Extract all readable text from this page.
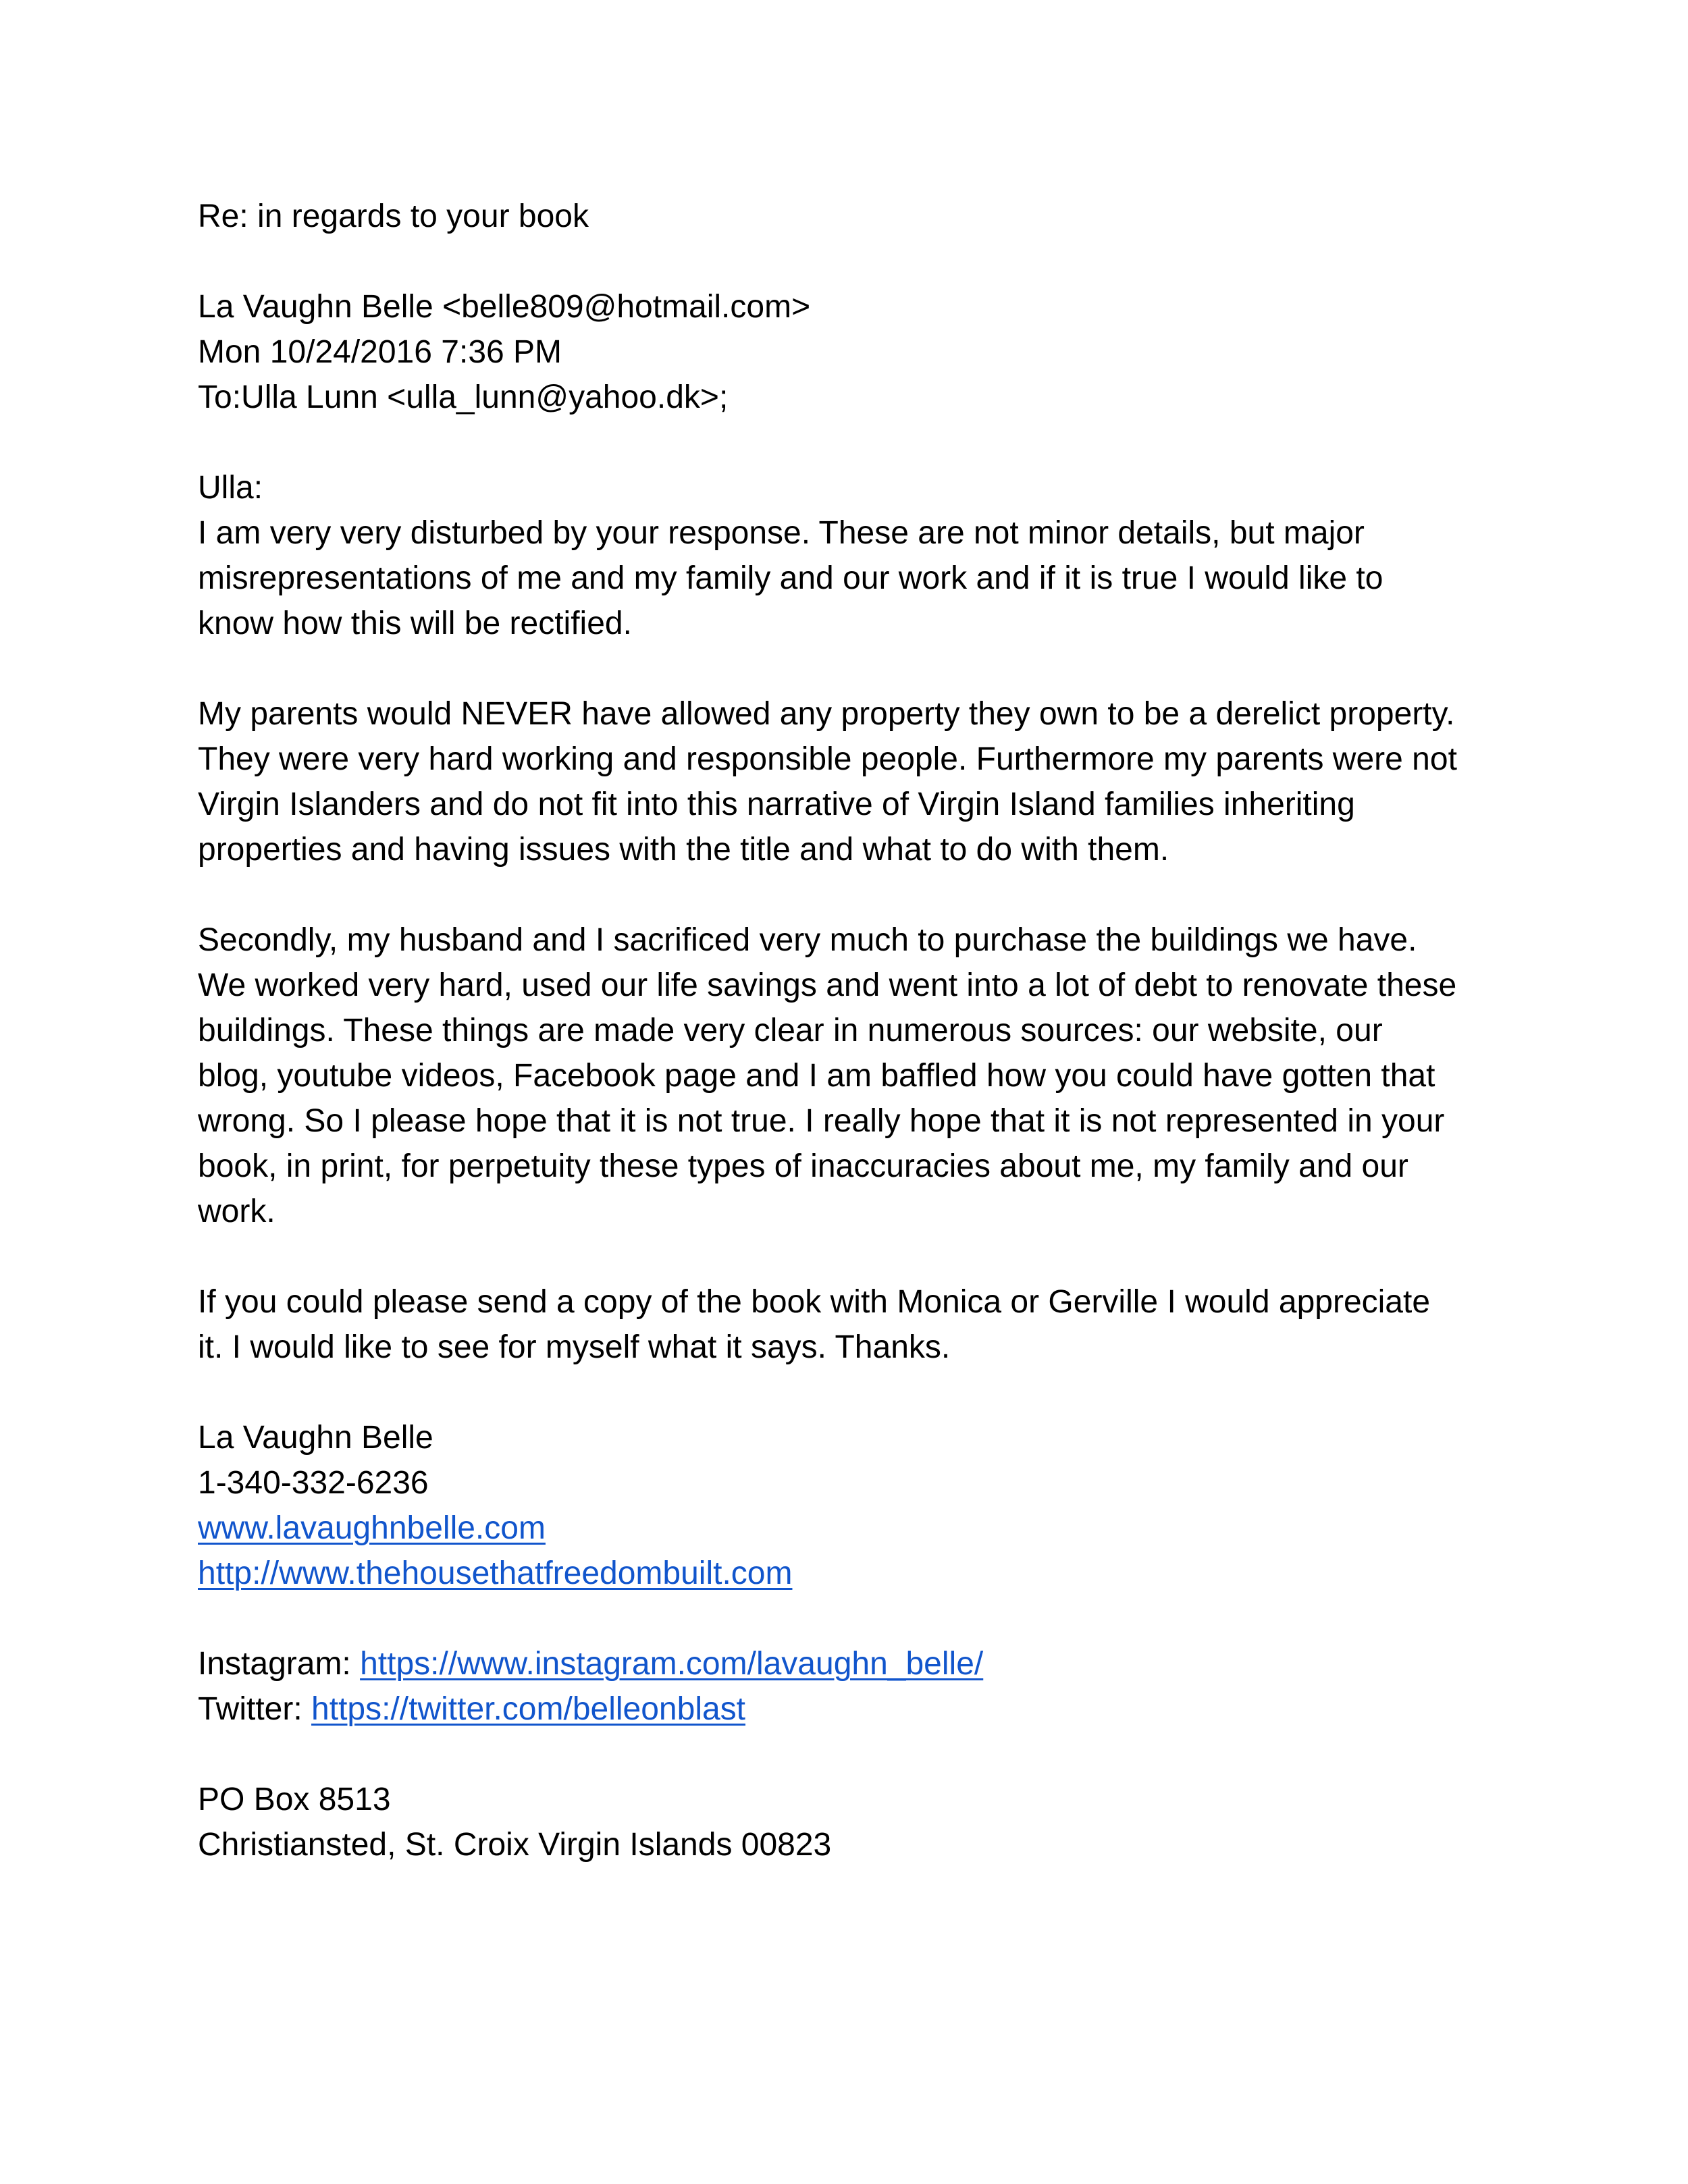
Re: in regards to your book
La Vaughn Belle <belle809@hotmail.com>
Mon 10/24/2016 7:36 PM
To:Ulla Lunn <ulla_lunn@yahoo.dk>;
Ulla:
I am very very disturbed by your response. These are not minor details, but major
misrepresentations of me and my family and our work and if it is true I would like to
know how this will be rectified.
My parents would NEVER have allowed any property they own to be a derelict property.
They were very hard working and responsible people. Furthermore my parents were not
Virgin Islanders and do not fit into this narrative of Virgin Island families inheriting
properties and having issues with the title and what to do with them.
Secondly, my husband and I sacrificed very much to purchase the buildings we have.
We worked very hard, used our life savings and went into a lot of debt to renovate these
buildings. These things are made very clear in numerous sources: our website, our
blog, youtube videos, Facebook page and I am baffled how you could have gotten that
wrong. So I please hope that it is not true. I really hope that it is not represented in your
book, in print, for perpetuity these types of inaccuracies about me, my family and our
work.
If you could please send a copy of the book with Monica or Gerville I would appreciate
it. I would like to see for myself what it says. Thanks.
La Vaughn Belle
1-340-332-6236
www.lavaughnbelle.com
http://www.thehousethatfreedombuilt.com
Instagram: https://www.instagram.com/lavaughn_belle/
Twitter: https://twitter.com/belleonblast
PO Box 8513
Christiansted, St. Croix Virgin Islands 00823
